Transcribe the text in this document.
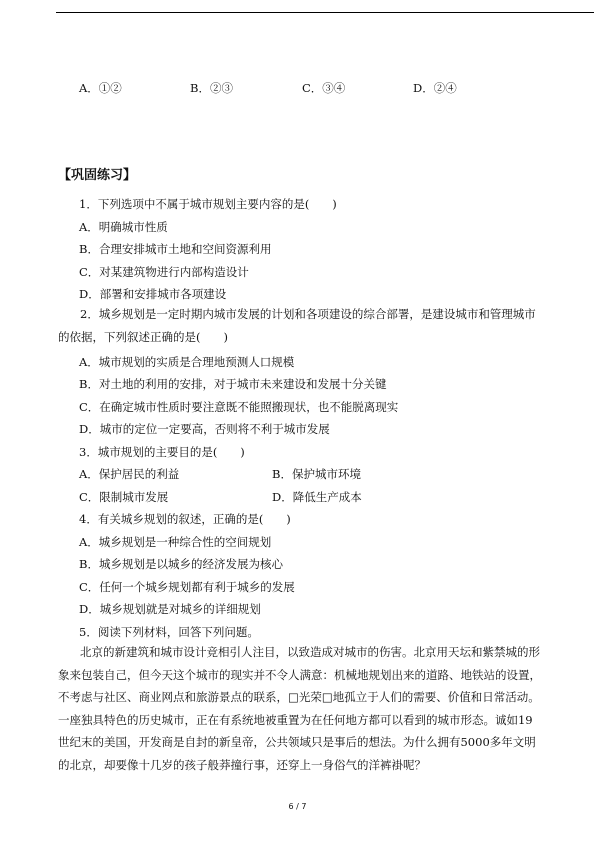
A．①②	B．②③	C．③④	D．②④
【巩固练习】
1．下列选项中不属于城市规划主要内容的是(　　)
A．明确城市性质
B．合理安排城市土地和空间资源利用
C．对某建筑物进行内部构造设计
D．部署和安排城市各项建设
2．城乡规划是一定时期内城市发展的计划和各项建设的综合部署，是建设城市和管理城市的依据，下列叙述正确的是(　　)
A．城市规划的实质是合理地预测人口规模
B．对土地的利用的安排，对于城市未来建设和发展十分关键
C．在确定城市性质时要注意既不能照搬现状，也不能脱离现实
D．城市的定位一定要高，否则将不利于城市发展
3．城市规划的主要目的是(　　)
A．保护居民的利益	B．保护城市环境
C．限制城市发展	D．降低生产成本
4．有关城乡规划的叙述，正确的是(　　)
A．城乡规划是一种综合性的空间规划
B．城乡规划是以城乡的经济发展为核心
C．任何一个城乡规划都有利于城乡的发展
D．城乡规划就是对城乡的详细规划
5．阅读下列材料，回答下列问题。
北京的新建筑和城市设计竞相引人注目，以致造成对城市的伤害。北京用天坛和紫禁城的形象来包装自己，但今天这个城市的现实并不令人满意：机械地规划出来的道路、地铁站的设置，不考虑与社区、商业网点和旅游景点的联系，□光荣□地孤立于人们的需要、价值和日常活动。一座独具特色的历史城市，正在有系统地被重置为在任何地方都可以看到的城市形态。诚如19世纪末的美国，开发商是自封的新皇帝，公共领域只是事后的想法。为什么拥有5000多年文明的北京，却要像十几岁的孩子般莽撞行事，还穿上一身俗气的洋裤褂呢？
6 / 7
